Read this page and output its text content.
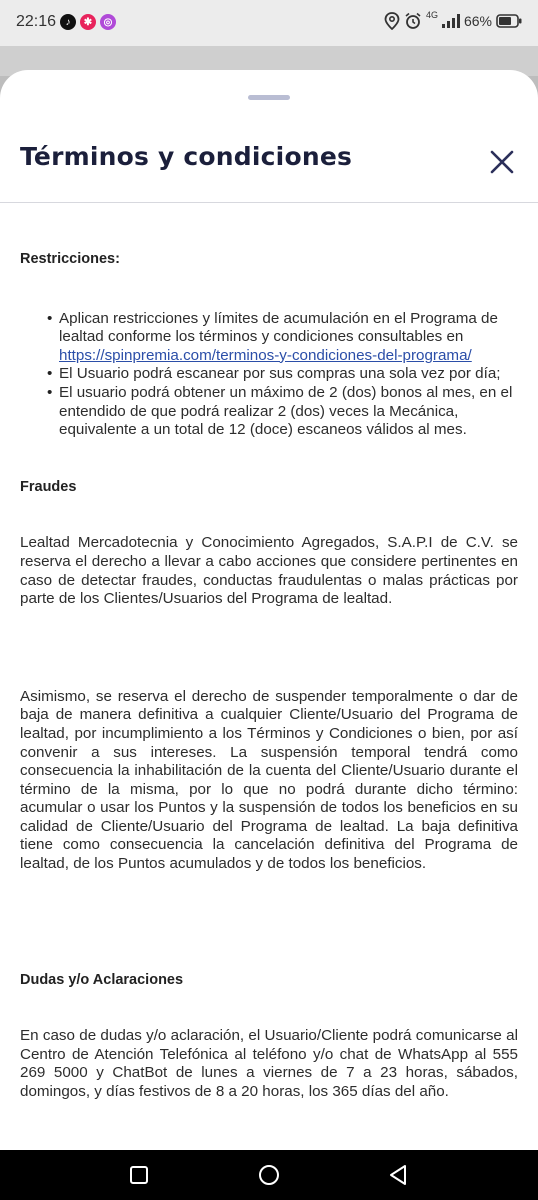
22:16 ♪	✱	◎
4G 66%
Términos y condiciones

Restricciones:

• Aplican restricciones y límites de acumulación en el Programa de lealtad conforme los términos y condiciones consultables en https://spinpremia.com/terminos-y-condiciones-del-programa/
• El Usuario podrá escanear por sus compras una sola vez por día;
• El usuario podrá obtener un máximo de 2 (dos) bonos al mes, en el entendido de que podrá realizar 2 (dos) veces la Mecánica, equivalente a un total de 12 (doce) escaneos válidos al mes.

Fraudes

Lealtad Mercadotecnia y Conocimiento Agregados, S.A.P.I de C.V. se reserva el derecho a llevar a cabo acciones que considere pertinentes en caso de detectar fraudes, conductas fraudulentas o malas prácticas por parte de los Clientes/Usuarios del Programa de lealtad.

Asimismo, se reserva el derecho de suspender temporalmente o dar de baja de manera definitiva a cualquier Cliente/Usuario del Programa de lealtad, por incumplimiento a los Términos y Condiciones o bien, por así convenir a sus intereses. La suspensión temporal tendrá como consecuencia la inhabilitación de la cuenta del Cliente/Usuario durante el término de la misma, por lo que no podrá durante dicho término: acumular o usar los Puntos y la suspensión de todos los beneficios en su calidad de Cliente/Usuario del Programa de lealtad. La baja definitiva tiene como consecuencia la cancelación definitiva del Programa de lealtad, de los Puntos acumulados y de todos los beneficios.

Dudas y/o Aclaraciones

En caso de dudas y/o aclaración, el Usuario/Cliente podrá comunicarse al Centro de Atención Telefónica al teléfono y/o chat de WhatsApp al 555 269 5000 y ChatBot de lunes a viernes de 7 a 23 horas, sábados, domingos, y días festivos de 8 a 20 horas, los 365 días del año.
